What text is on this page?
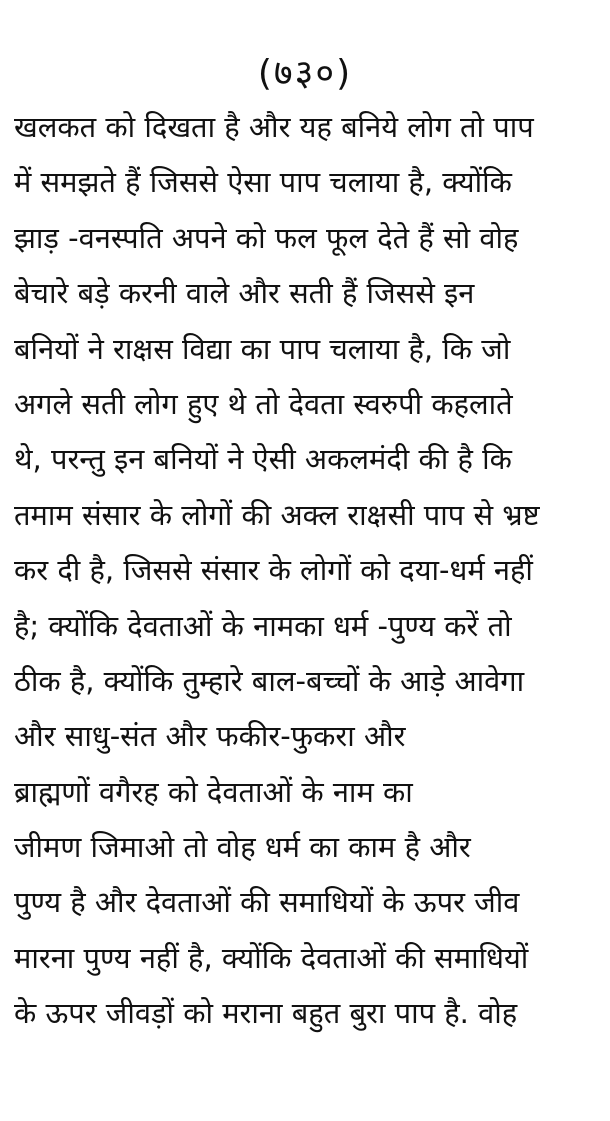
(७३०)
खलकत को दिखता है और यह बनिये लोग तो पाप
में समझते हैं जिससे ऐसा पाप चलाया है, क्योंकि
झाड़ -वनस्पति अपने को फल फूल देते हैं सो वोह
बेचारे बड़े करनी वाले और सती हैं जिससे इन
बनियों ने राक्षस विद्या का पाप चलाया है, कि जो
अगले सती लोग हुए थे तो देवता स्वरुपी कहलाते
थे, परन्तु इन बनियों ने ऐसी अकलमंदी की है कि
तमाम संसार के लोगों की अक्ल राक्षसी पाप से भ्रष्ट
कर दी है, जिससे संसार के लोगों को दया-धर्म नहीं
है; क्योंकि देवताओं के नामका धर्म -पुण्य करें तो
ठीक है, क्योंकि तुम्हारे बाल-बच्चों के आड़े आवेगा
और साधु-संत और फकीर-फुकरा और
ब्राह्मणों वगैरह को देवताओं के नाम का
जीमण जिमाओ तो वोह धर्म का काम है और
पुण्य है और देवताओं की समाधियों के ऊपर जीव
मारना पुण्य नहीं है, क्योंकि देवताओं की समाधियों
के ऊपर जीवड़ों को मराना बहुत बुरा पाप है. वोह
